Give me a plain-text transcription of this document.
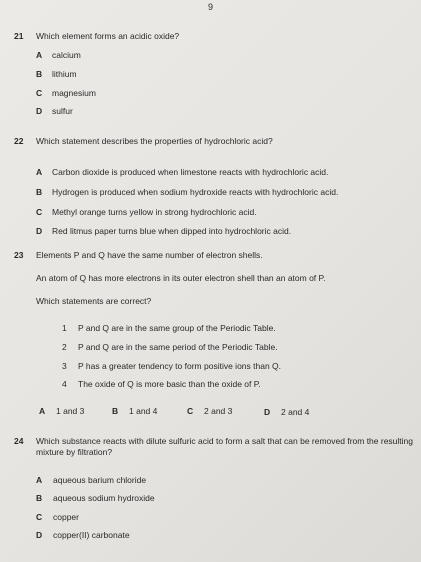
9
21 Which element forms an acidic oxide?
A calcium
B lithium
C magnesium
D sulfur
22 Which statement describes the properties of hydrochloric acid?
A Carbon dioxide is produced when limestone reacts with hydrochloric acid.
B Hydrogen is produced when sodium hydroxide reacts with hydrochloric acid.
C Methyl orange turns yellow in strong hydrochloric acid.
D Red litmus paper turns blue when dipped into hydrochloric acid.
23 Elements P and Q have the same number of electron shells.
An atom of Q has more electrons in its outer electron shell than an atom of P.
Which statements are correct?
1 P and Q are in the same group of the Periodic Table.
2 P and Q are in the same period of the Periodic Table.
3 P has a greater tendency to form positive ions than Q.
4 The oxide of Q is more basic than the oxide of P.
A 1 and 3	B 1 and 4	C 2 and 3	D 2 and 4
24 Which substance reacts with dilute sulfuric acid to form a salt that can be removed from the resulting mixture by filtration?
A aqueous barium chloride
B aqueous sodium hydroxide
C copper
D copper(II) carbonate
